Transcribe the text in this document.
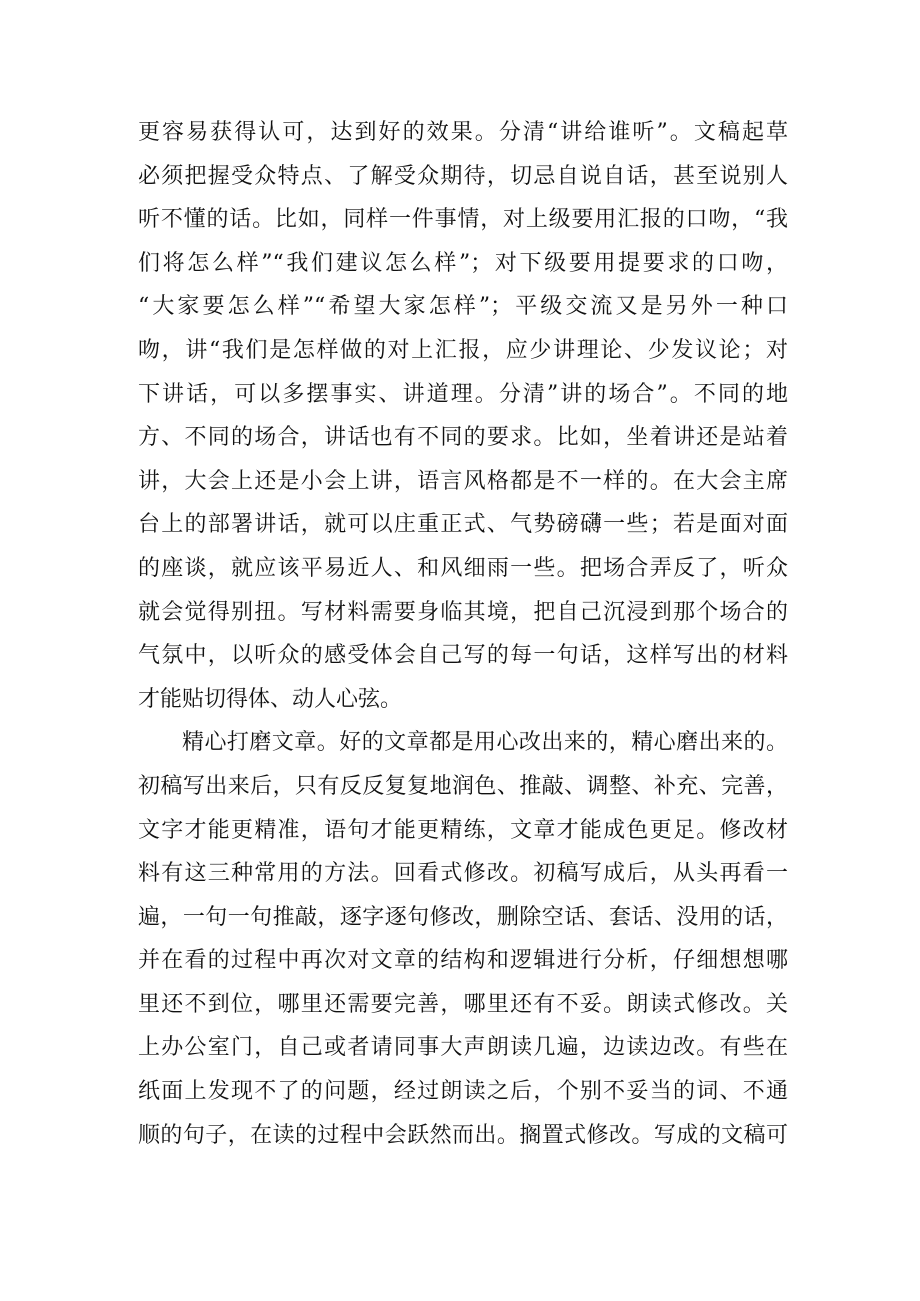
更容易获得认可，达到好的效果。分清“讲给谁听”。文稿起草
必须把握受众特点、了解受众期待，切忌自说自话，甚至说别人
听不懂的话。比如，同样一件事情，对上级要用汇报的口吻，“我
们将怎么样”“我们建议怎么样”；对下级要用提要求的口吻，
“大家要怎么样”“希望大家怎样”；平级交流又是另外一种口
吻，讲“我们是怎样做的对上汇报，应少讲理论、少发议论；对
下讲话，可以多摆事实、讲道理。分清”讲的场合”。不同的地
方、不同的场合，讲话也有不同的要求。比如，坐着讲还是站着
讲，大会上还是小会上讲，语言风格都是不一样的。在大会主席
台上的部署讲话，就可以庄重正式、气势磅礴一些；若是面对面
的座谈，就应该平易近人、和风细雨一些。把场合弄反了，听众
就会觉得别扭。写材料需要身临其境，把自己沉浸到那个场合的
气氛中，以听众的感受体会自己写的每一句话，这样写出的材料
才能贴切得体、动人心弦。
精心打磨文章。好的文章都是用心改出来的，精心磨出来的。
初稿写出来后，只有反反复复地润色、推敲、调整、补充、完善，
文字才能更精准，语句才能更精练，文章才能成色更足。修改材
料有这三种常用的方法。回看式修改。初稿写成后，从头再看一
遍，一句一句推敲，逐字逐句修改，删除空话、套话、没用的话，
并在看的过程中再次对文章的结构和逻辑进行分析，仔细想想哪
里还不到位，哪里还需要完善，哪里还有不妥。朗读式修改。关
上办公室门，自己或者请同事大声朗读几遍，边读边改。有些在
纸面上发现不了的问题，经过朗读之后，个别不妥当的词、不通
顺的句子，在读的过程中会跃然而出。搁置式修改。写成的文稿可
